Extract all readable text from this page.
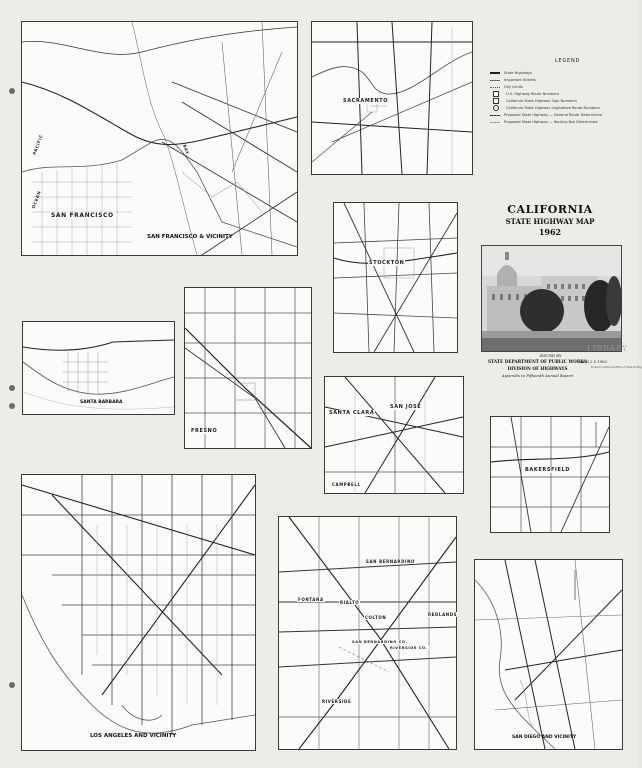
SAN FRANCISCO
PACIFIC
OCEAN
BAY
SAN FRANCISCO & VICINITY
SACRAMENTO
LEGEND
State Highways
Important Streets
City Limits
U.S. Highway Route Numbers
California State Highway Sign Numbers
California State Highway Legislative Route Numbers
Proposed State Highway — General Route Determined
Proposed State Highway — Routing Not Determined
CALIFORNIA
STATE HIGHWAY MAP
1962
LIBRARY
ISSUED BY
STATE DEPARTMENT OF PUBLIC WORKS
AUG 2 0 1962
DIVISION OF HIGHWAYS
Appendix to Fifteenth Annual Report
Printed in California Office of State Printing
STOCKTON
SANTA BARBARA
FRESNO
SAN JOSE
SANTA CLARA
CAMPBELL
BAKERSFIELD
LOS ANGELES AND VICINITY
SAN BERNARDINO
FONTANA
RIALTO
COLTON
REDLANDS
SAN BERNARDINO CO.
RIVERSIDE CO.
RIVERSIDE
SAN DIEGO AND VICINITY
